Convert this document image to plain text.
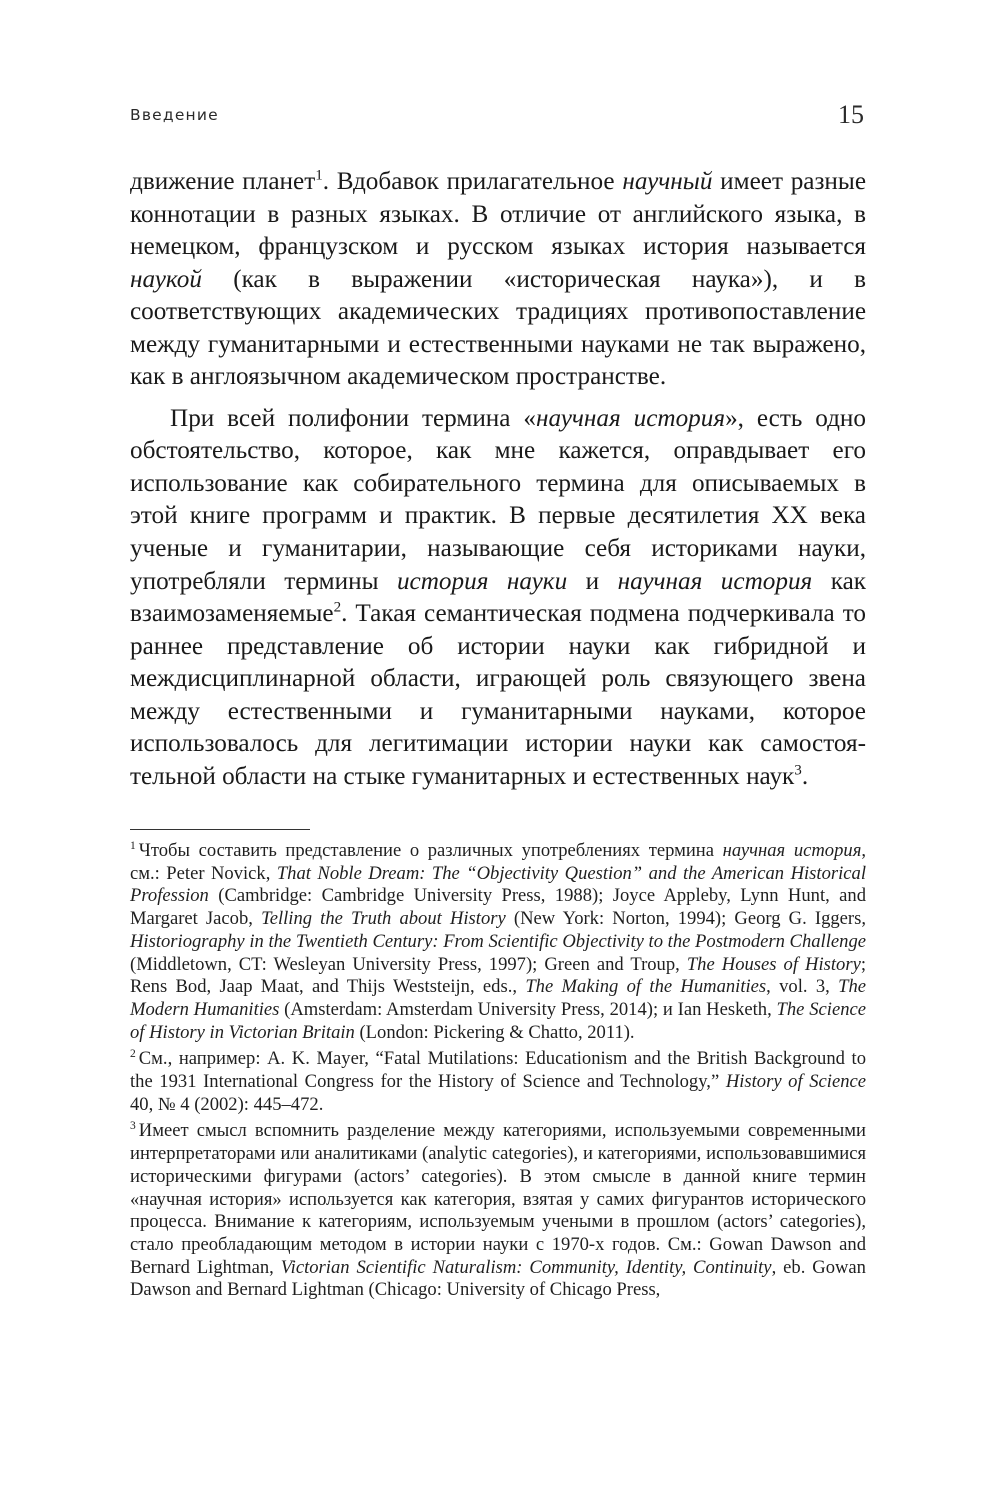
Введение	15

движение планет$^1$. Вдобавок прилагательное научный имеет разные коннотации в разных языках. В отличие от английского языка, в немецком, французском и русском языках история называется наукой (как в выражении «историческая наука»), и в соответствующих академических традициях противопоставление между гуманитарными и естественными науками не так выражено, как в англоязычном академическом пространстве.

При всей полифонии термина «научная история», есть одно обстоятельство, которое, как мне кажется, оправдывает его использование как собирательного термина для описываемых в этой книге программ и практик. В первые десятилетия XX века ученые и гуманитарии, называющие себя историками науки, употребляли термины история науки и научная история как взаимозаменяемые$^2$. Такая семантическая подмена подчеркивала то раннее представление об истории науки как гибридной и междисциплинарной области, играющей роль связующего звена между естественными и гуманитарными науками, которое использовалось для легитимации истории науки как самостоятельной области на стыке гуманитарных и естественных наук$^3$.

$^1$ Чтобы составить представление о различных употреблениях термина научная история, см.: Peter Novick, That Noble Dream: The “Objectivity Question” and the American Historical Profession (Cambridge: Cambridge University Press, 1988); Joyce Appleby, Lynn Hunt, and Margaret Jacob, Telling the Truth about History (New York: Norton, 1994); Georg G. Iggers, Historiography in the Twentieth Century: From Scientific Objectivity to the Postmodern Challenge (Middletown, CT: Wesleyan University Press, 1997); Green and Troup, The Houses of History; Rens Bod, Jaap Maat, and Thijs Weststeijn, eds., The Making of the Humanities, vol. 3, The Modern Humanities (Amsterdam: Amsterdam University Press, 2014); и Ian Hesketh, The Science of History in Victorian Britain (London: Pickering & Chatto, 2011).

$^2$ См., например: A. K. Mayer, “Fatal Mutilations: Educationism and the British Background to the 1931 International Congress for the History of Science and Technology,” History of Science 40, № 4 (2002): 445–472.

$^3$ Имеет смысл вспомнить разделение между категориями, используемыми современными интерпретаторами или аналитиками (analytic categories), и категориями, использовавшимися историческими фигурами (actors’ categories). В этом смысле в данной книге термин «научная история» используется как категория, взятая у самих фигурантов исторического процесса. Внимание к категориям, используемым учеными в прошлом (actors’ categories), стало преобладающим методом в истории науки с 1970-х годов. См.: Gowan Dawson and Bernard Lightman, Victorian Scientific Naturalism: Community, Identity, Continuity, eb. Gowan Dawson and Bernard Lightman (Chicago: University of Chicago Press,
